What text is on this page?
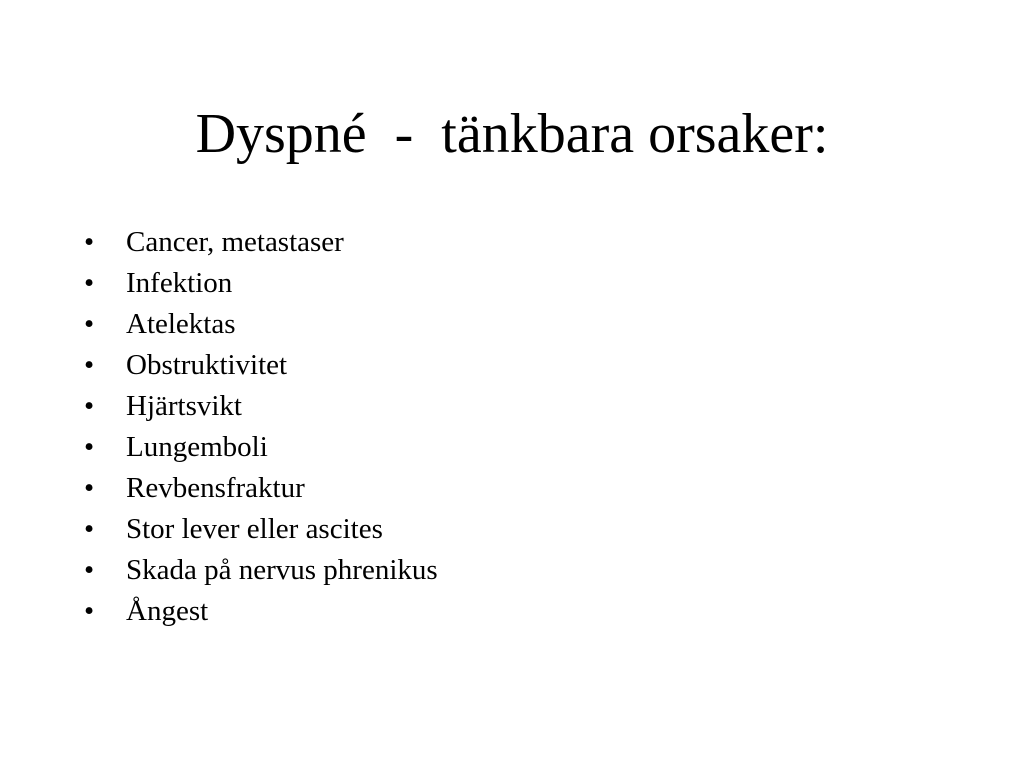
Dyspné  -  tänkbara orsaker:
•	Cancer, metastaser
•	Infektion
•	Atelektas
•	Obstruktivitet
•	Hjärtsvikt
•	Lungemboli
•	Revbensfraktur
•	Stor lever eller ascites
•	Skada på nervus phrenikus
•	Ångest
